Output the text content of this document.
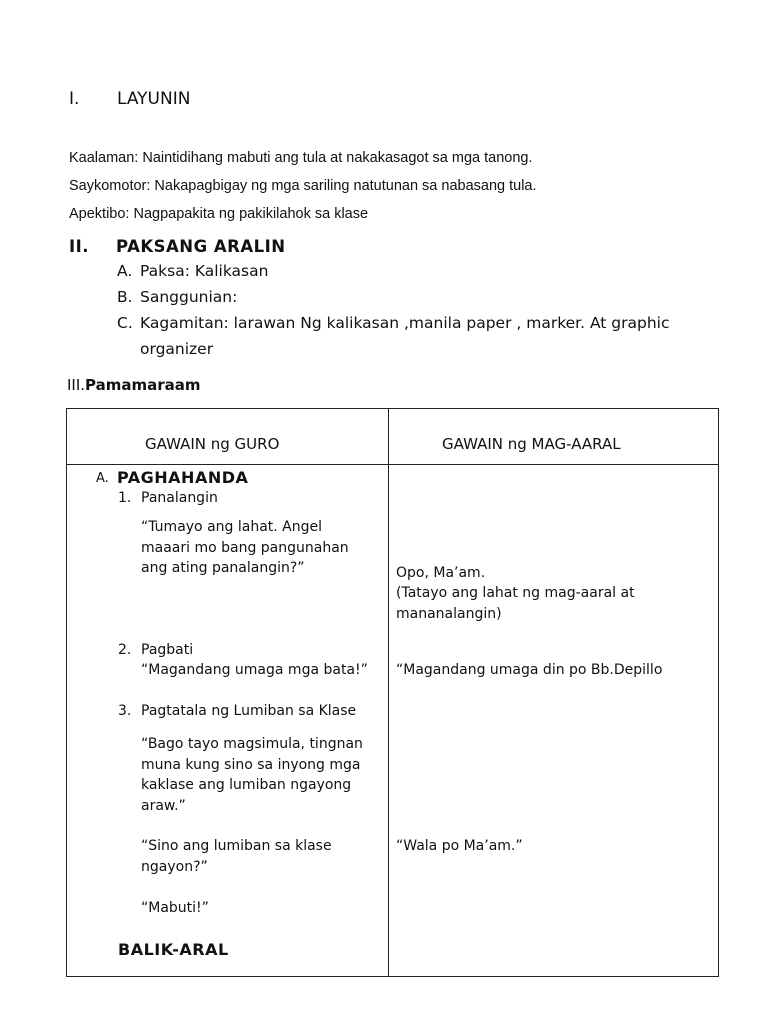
I. LAYUNIN
Kaalaman: Naintidihang mabuti ang tula at nakakasagot sa mga tanong.
Saykomotor: Nakapagbigay ng mga sariling natutunan sa nabasang tula.
Apektibo: Nagpapakita ng pakikilahok sa klase
II. PAKSANG ARALIN
A. Paksa: Kalikasan
B. Sanggunian:
C. Kagamitan: larawan Ng kalikasan ,manila paper , marker. At graphic
organizer
III.Pamamaraam
GAWAIN ng GURO	GAWAIN ng MAG-AARAL
A. PAGHAHANDA
1. Panalangin
“Tumayo ang lahat. Angel maaari mo bang pangunahan ang ating panalangin?”
2. Pagbati
“Magandang umaga mga bata!”
3. Pagtatala ng Lumiban sa Klase
“Bago tayo magsimula, tingnan muna kung sino sa inyong mga kaklase ang lumiban ngayong araw.”
“Sino ang lumiban sa klase ngayon?”
“Mabuti!”
BALIK-ARAL
Opo, Ma’am.
(Tatayo ang lahat ng mag-aaral at mananalangin)
“Magandang umaga din po Bb.Depillo
“Wala po Ma’am.”
